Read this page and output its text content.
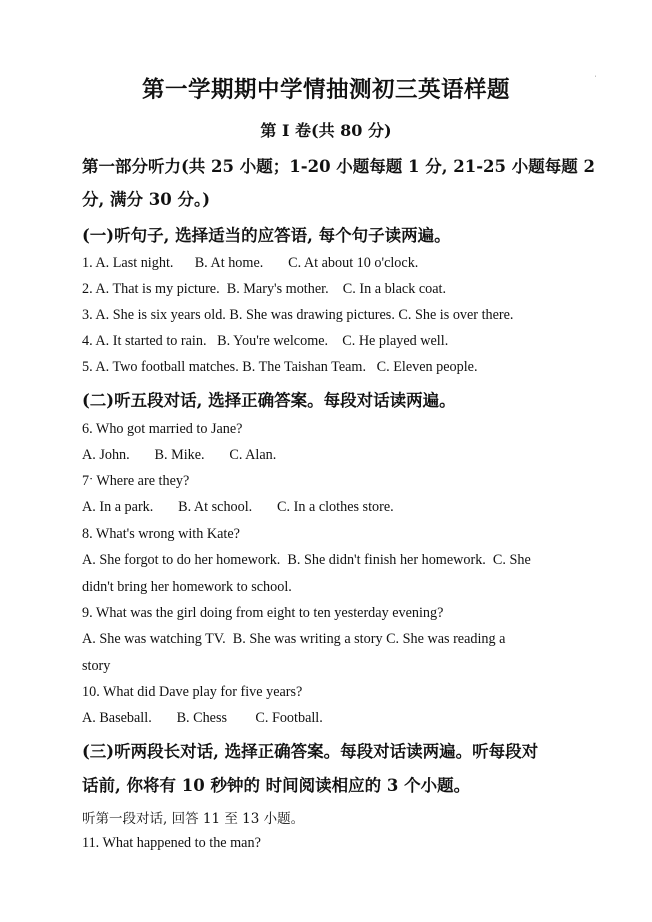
ˈ
第一学期期中学情抽测初三英语样题
第 I 卷(共 80 分)
第一部分听力(共 25 小题；1-20 小题每题 1 分, 21-25 小题每题 2
分, 满分 30 分。)
(一)听句子, 选择适当的应答语, 每个句子读两遍。
1. A. Last night.      B. At home.       C. At about 10 o'clock.
2. A. That is my picture.  B. Mary's mother.    C. In a black coat.
3. A. She is six years old. B. She was drawing pictures. C. She is over there.
4. A. It started to rain.   B. You're welcome.    C. He played well.
5. A. Two football matches. B. The Taishan Team.   C. Eleven people.
(二)听五段对话, 选择正确答案。每段对话读两遍。
6. Who got married to Jane?
A. John.       B. Mike.       C. Alan.
7ˑ Where are they?
A. In a park.       B. At school.       C. In a clothes store.
8. What's wrong with Kate?
A. She forgot to do her homework.  B. She didn't finish her homework.  C. She
didn't bring her homework to school.
9. What was the girl doing from eight to ten yesterday evening?
A. She was watching TV.  B. She was writing a story C. She was reading a
story
10. What did Dave play for five years?
A. Baseball.       B. Chess        C. Football.
(三)听两段长对话, 选择正确答案。每段对话读两遍。听每段对
话前, 你将有 10 秒钟的 时间阅读相应的 3 个小题。
听第一段对话, 回答 11 至 13 小题。
11. What happened to the man?
